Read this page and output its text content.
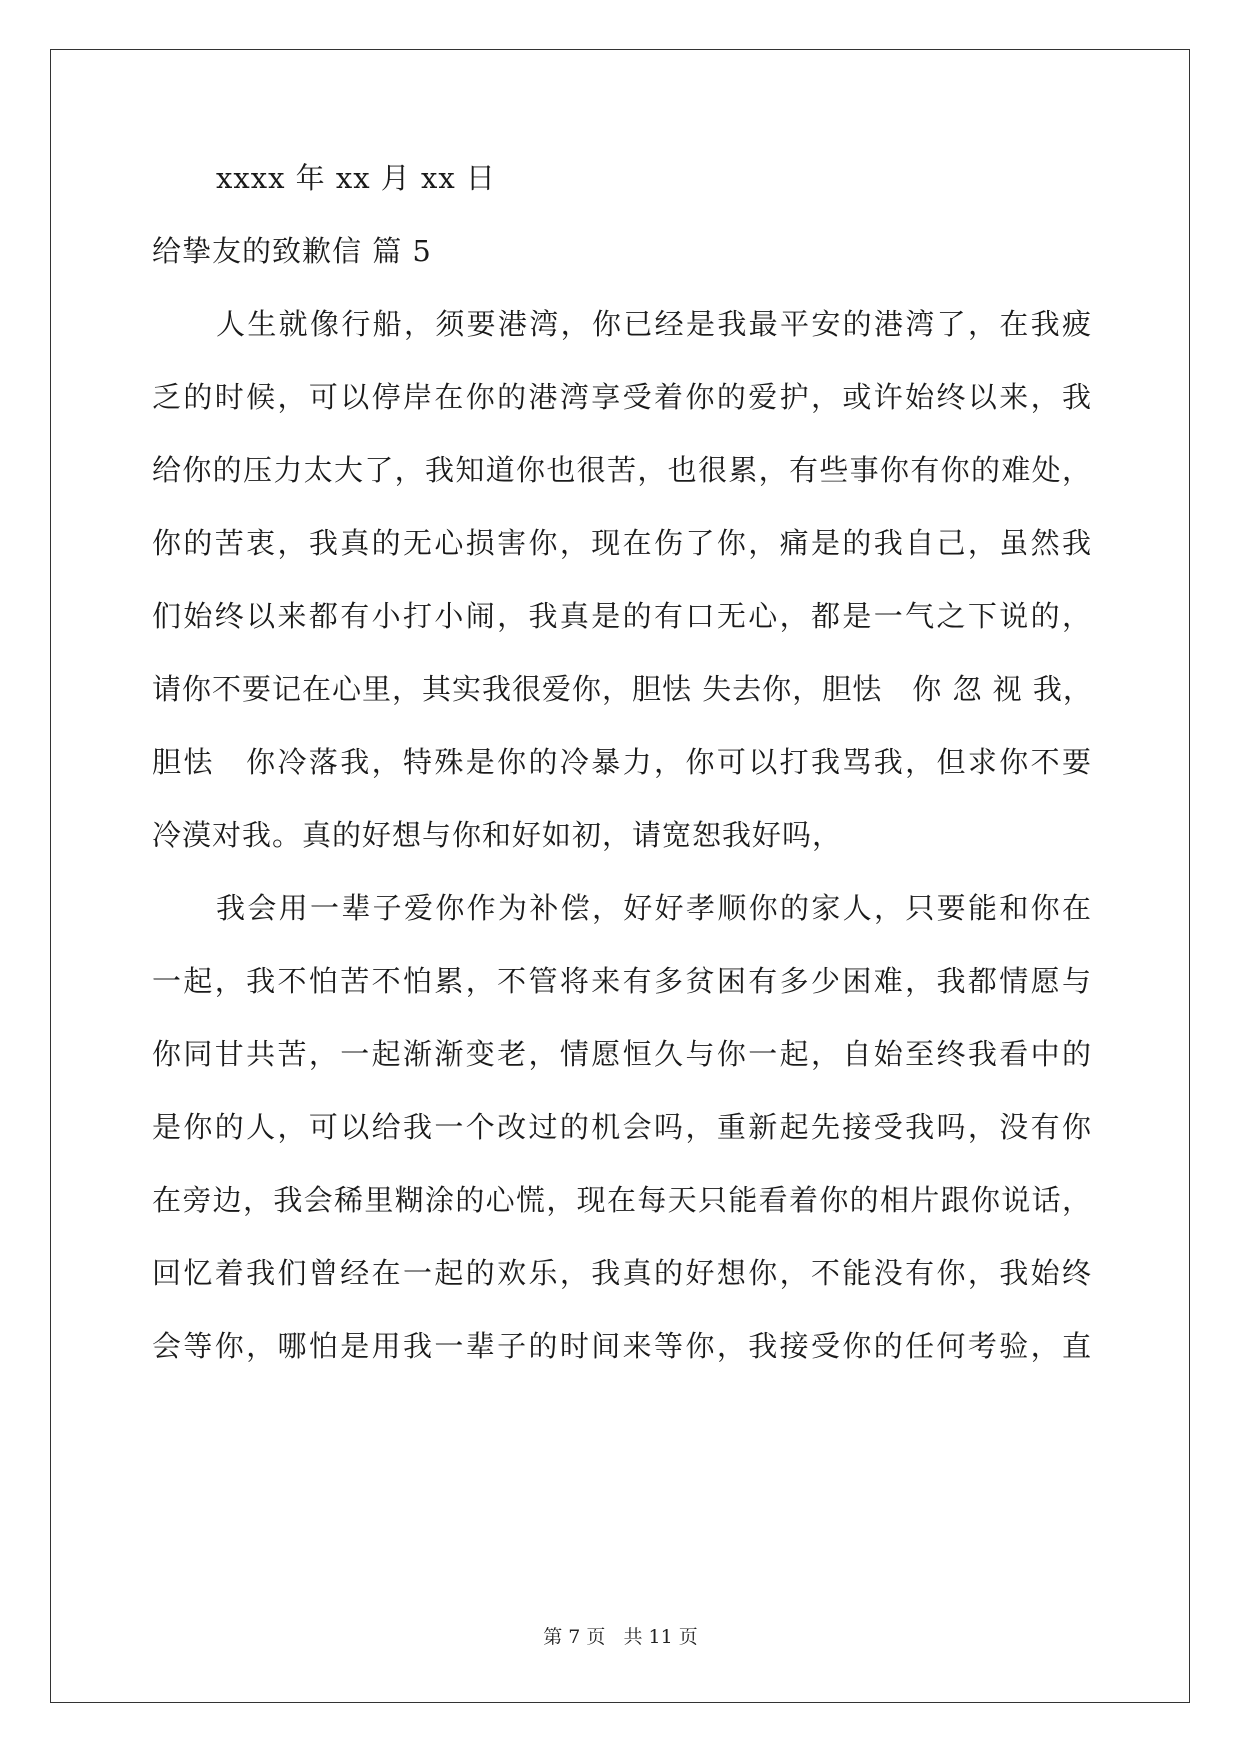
xxxx 年 xx 月 xx 日
给挚友的致歉信 篇 5
人生就像行船，须要港湾，你已经是我最平安的港湾了，在我疲
乏的时候，可以停岸在你的港湾享受着你的爱护，或许始终以来，我
给你的压力太大了，我知道你也很苦，也很累，有些事你有你的难处，
你的苦衷，我真的无心损害你，现在伤了你，痛是的我自己，虽然我
们始终以来都有小打小闹，我真是的有口无心，都是一气之下说的，
请你不要记在心里，其实我很爱你，胆怯 失去你，胆怯　你 忽 视 我，
胆怯　你冷落我，特殊是你的冷暴力，你可以打我骂我，但求你不要
冷漠对我。真的好想与你和好如初，请宽恕我好吗，
我会用一辈子爱你作为补偿，好好孝顺你的家人，只要能和你在
一起，我不怕苦不怕累，不管将来有多贫困有多少困难，我都情愿与
你同甘共苦，一起渐渐变老，情愿恒久与你一起，自始至终我看中的
是你的人，可以给我一个改过的机会吗，重新起先接受我吗，没有你
在旁边，我会稀里糊涂的心慌，现在每天只能看着你的相片跟你说话，
回忆着我们曾经在一起的欢乐，我真的好想你，不能没有你，我始终
会等你，哪怕是用我一辈子的时间来等你，我接受你的任何考验，直
第 7 页 共 11 页
